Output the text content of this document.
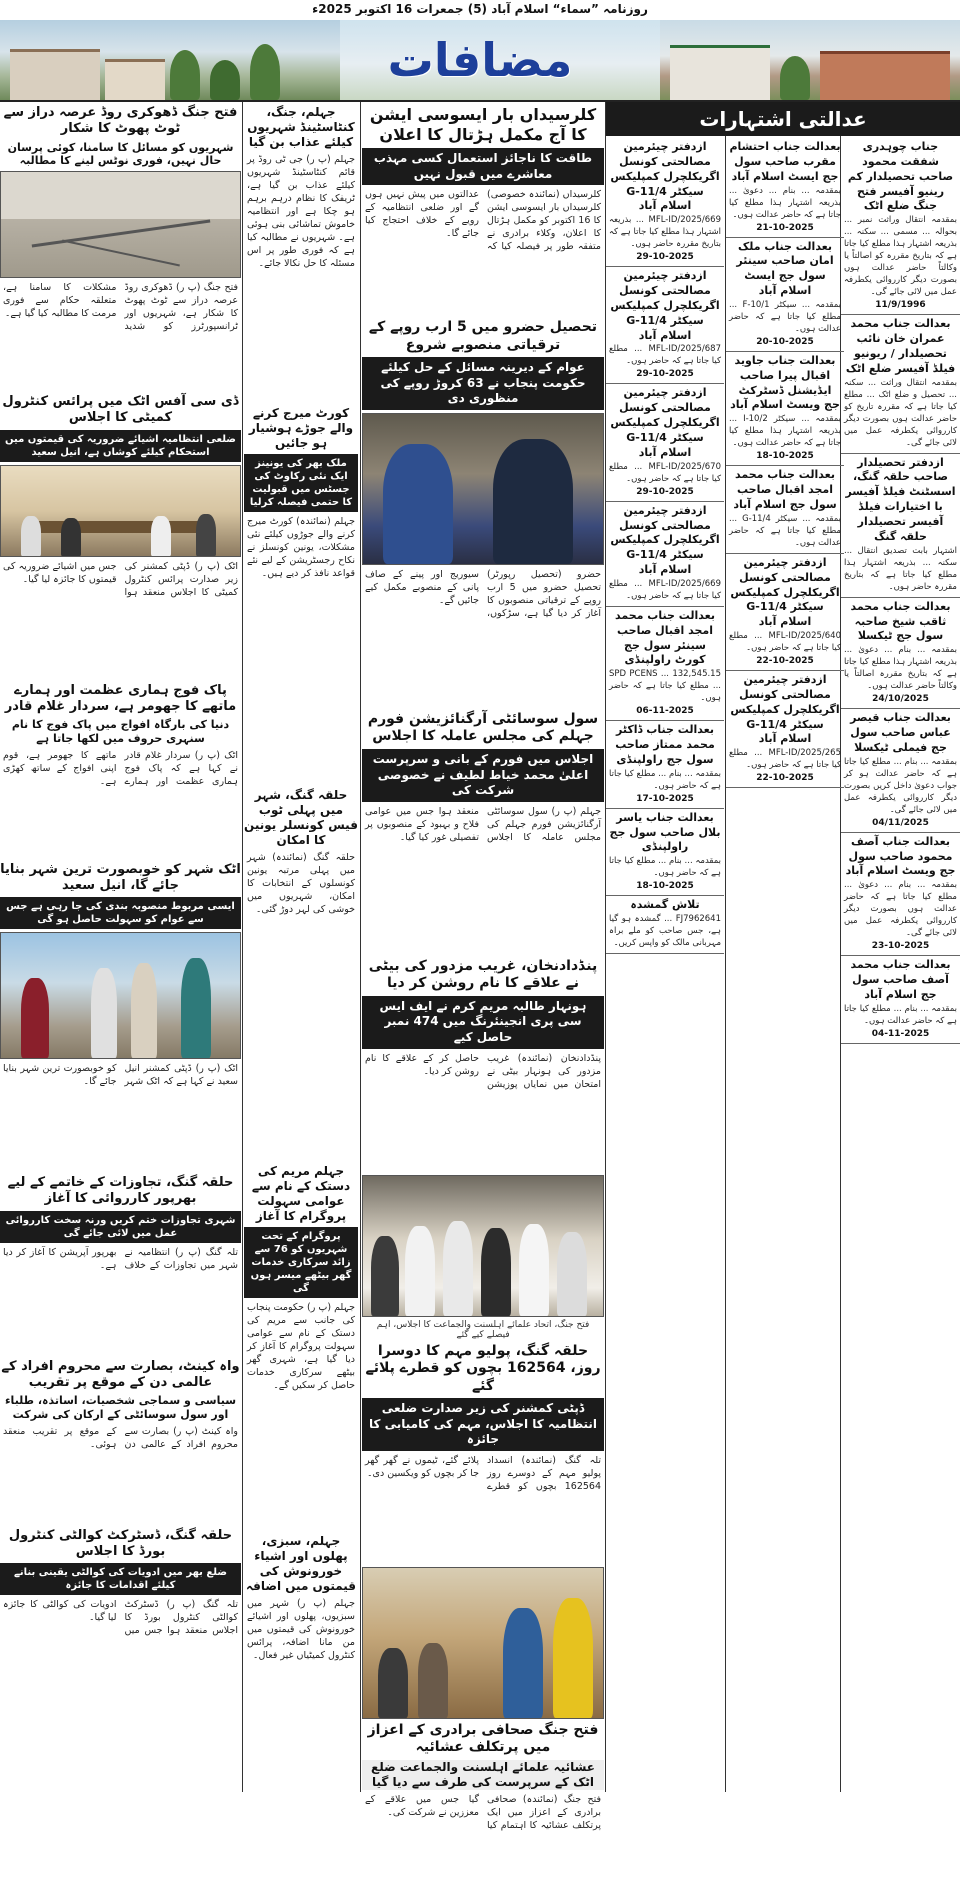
روزنامہ ”سماء“ اسلام آباد (5) جمعرات 16 اکتوبر 2025ء
مضافات
عدالتی اشتہارات
جناب چوہدری شفقت محمود صاحب تحصیلدار کم رینیو آفیسر فتح جنگ ضلع اٹک
بمقدمہ انتقال وراثت نمبر ... بحوالہ ... مسمی ... سکنہ ... بذریعہ اشتہار ہذا مطلع کیا جاتا ہے کہ بتاریخ مقررہ کو اصالتاً یا وکالتاً حاضر عدالت ہوں بصورت دیگر کارروائی یکطرفہ عمل میں لائی جائے گی۔
11/9/1996
بعدالت جناب محمد عمران خان نائب تحصیلدار / ریونیو فیلڈ آفیسر ضلع اٹک
بمقدمہ انتقال وراثت ... سکنہ ... تحصیل و ضلع اٹک ... مطلع کیا جاتا ہے کہ مقررہ تاریخ کو حاضر عدالت ہوں بصورت دیگر کارروائی یکطرفہ عمل میں لائی جائے گی۔
ازدفتر تحصیلدار صاحب حلقہ گنگ، اسسٹنٹ فیلڈ آفیسر با اختیارات فیلڈ آفیسر تحصیلدار حلقہ گنگ
اشتہار بابت تصدیق انتقال ... سکنہ ... بذریعہ اشتہار ہذا مطلع کیا جاتا ہے کہ بتاریخ مقررہ حاضر ہوں۔
بعدالت جناب محمد ثاقب شیخ صاحبہ سول جج ٹیکسلا
بمقدمہ ... بنام ... دعویٰ ... بذریعہ اشتہار ہذا مطلع کیا جاتا ہے کہ بتاریخ مقررہ اصالتاً یا وکالتاً حاضر عدالت ہوں۔
24/10/2025
بعدالت جناب قیصر عباس صاحب سول جج فیملی ٹیکسلا
بمقدمہ ... بنام ... مطلع کیا جاتا ہے کہ حاضر عدالت ہو کر جواب دعویٰ داخل کریں بصورت دیگر کارروائی یکطرفہ عمل میں لائی جائے گی۔
04/11/2025
بعدالت جناب آصف محمود صاحب سول جج ویسٹ اسلام آباد
بمقدمہ ... بنام ... دعویٰ ... مطلع کیا جاتا ہے کہ حاضر عدالت ہوں بصورت دیگر کارروائی یکطرفہ عمل میں لائی جائے گی۔
23-10-2025
بعدالت جناب محمد آصف صاحب سول جج اسلام آباد
بمقدمہ ... بنام ... مطلع کیا جاتا ہے کہ حاضر عدالت ہوں۔
04-11-2025
بعدالت جناب احتشام مقرب صاحب سول جج ایسٹ اسلام آباد
بمقدمہ ... بنام ... دعویٰ ... بذریعہ اشتہار ہذا مطلع کیا جاتا ہے کہ حاضر عدالت ہوں۔
21-10-2025
بعدالت جناب ملک امان صاحب سینئر سول جج ایسٹ اسلام آباد
بمقدمہ ... سیکٹر F-10/1 ... مطلع کیا جاتا ہے کہ حاضر عدالت ہوں۔
20-10-2025
بعدالت جناب جاوید اقبال پیرا صاحب ایڈیشنل ڈسٹرکٹ جج ویسٹ اسلام آباد
بمقدمہ ... سیکٹر I-10/2 ... بذریعہ اشتہار ہذا مطلع کیا جاتا ہے کہ حاضر عدالت ہوں۔
18-10-2025
بعدالت جناب محمد امجد اقبال صاحب سول جج اسلام آباد
بمقدمہ ... سیکٹر G-11/4 ... مطلع کیا جاتا ہے کہ حاضر عدالت ہوں۔
ازدفتر چیئرمین مصالحتی کونسل اگریکلچرل کمپلیکس سیکٹر G-11/4 اسلام آباد
MFL-ID/2025/640 ... مطلع کیا جاتا ہے کہ حاضر ہوں۔
22-10-2025
ازدفتر چیئرمین مصالحتی کونسل اگریکلچرل کمپلیکس سیکٹر G-11/4 اسلام آباد
MFL-ID/2025/265 ... مطلع کیا جاتا ہے کہ حاضر ہوں۔
22-10-2025
ازدفتر چیئرمین مصالحتی کونسل اگریکلچرل کمپلیکس سیکٹر G-11/4 اسلام آباد
MFL-ID/2025/669 ... بذریعہ اشتہار ہذا مطلع کیا جاتا ہے کہ بتاریخ مقررہ حاضر ہوں۔
29-10-2025
ازدفتر چیئرمین مصالحتی کونسل اگریکلچرل کمپلیکس سیکٹر G-11/4 اسلام آباد
MFL-ID/2025/687 ... مطلع کیا جاتا ہے کہ حاضر ہوں۔
29-10-2025
ازدفتر چیئرمین مصالحتی کونسل اگریکلچرل کمپلیکس سیکٹر G-11/4 اسلام آباد
MFL-ID/2025/670 ... مطلع کیا جاتا ہے کہ حاضر ہوں۔
29-10-2025
ازدفتر چیئرمین مصالحتی کونسل اگریکلچرل کمپلیکس سیکٹر G-11/4 اسلام آباد
MFL-ID/2025/669 ... مطلع کیا جاتا ہے کہ حاضر ہوں۔
بعدالت جناب محمد امجد اقبال صاحب سینئر سول جج کورٹ راولپنڈی
SPD PCENS ... 132,545.15 ... مطلع کیا جاتا ہے کہ حاضر ہوں۔
06-11-2025
بعدالت جناب ڈاکٹر محمد ممتاز صاحب سول جج راولپنڈی
بمقدمہ ... بنام ... مطلع کیا جاتا ہے کہ حاضر ہوں۔
17-10-2025
بعدالت جناب یاسر بلال صاحب سول جج راولپنڈی
بمقدمہ ... بنام ... مطلع کیا جاتا ہے کہ حاضر ہوں۔
18-10-2025
تلاش گمشدہ
FJ7962641 ... گمشدہ ہو گیا ہے، جس صاحب کو ملے براہ مہربانی مالک کو واپس کریں۔
کلرسیداں بار ایسوسی ایشن کا آج مکمل ہڑتال کا اعلان
طاقت کا ناجائز استعمال کسی مہذب معاشرے میں قبول نہیں
کلرسیداں (نمائندہ خصوصی) کلرسیداں بار ایسوسی ایشن کا 16 اکتوبر کو مکمل ہڑتال کا اعلان، وکلاء برادری نے متفقہ طور پر فیصلہ کیا کہ عدالتوں میں پیش نہیں ہوں گے اور ضلعی انتظامیہ کے رویے کے خلاف احتجاج کیا جائے گا۔
تحصیل حضرو میں 5 ارب روپے کے ترقیاتی منصوبے شروع
عوام کے دیرینہ مسائل کے حل کیلئے حکومت پنجاب نے 63 کروڑ روپے کی منظوری دی
حضرو (تحصیل رپورٹر) تحصیل حضرو میں 5 ارب روپے کے ترقیاتی منصوبوں کا آغاز کر دیا گیا ہے، سڑکوں، سیوریج اور پینے کے صاف پانی کے منصوبے مکمل کیے جائیں گے۔
سول سوسائٹی آرگنائزیشن فورم جہلم کی مجلس عاملہ کا اجلاس
اجلاس میں فورم کے بانی و سرپرست اعلیٰ محمد خیاط لطیف نے خصوصی شرکت کی
جہلم (پ ر) سول سوسائٹی آرگنائزیشن فورم جہلم کی مجلس عاملہ کا اجلاس منعقد ہوا جس میں عوامی فلاح و بہبود کے منصوبوں پر تفصیلی غور کیا گیا۔
پنڈدادنخان، غریب مزدور کی بیٹی نے علاقے کا نام روشن کر دیا
ہونہار طالبہ مریم کرم نے ایف ایس سی پری انجینئرنگ میں 474 نمبر حاصل کیے
پنڈدادنخان (نمائندہ) غریب مزدور کی ہونہار بیٹی نے امتحان میں نمایاں پوزیشن حاصل کر کے علاقے کا نام روشن کر دیا۔
فتح جنگ، اتحاد علمائے اہلسنت والجماعت کا اجلاس، اہم فیصلے کیے گئے
حلقہ گنگ، پولیو مہم کا دوسرا روز، 162564 بچوں کو قطرے پلائے گئے
ڈپٹی کمشنر کی زیر صدارت ضلعی انتظامیہ کا اجلاس، مہم کی کامیابی کا جائزہ
تلہ گنگ (نمائندہ) انسداد پولیو مہم کے دوسرے روز 162564 بچوں کو قطرے پلائے گئے، ٹیموں نے گھر گھر جا کر بچوں کو ویکسین دی۔
فتح جنگ صحافی برادری کے اعزاز میں پرتکلف عشائیہ
عشائیہ علمائے اہلسنت والجماعت ضلع اٹک کے سرپرست کی طرف سے دیا گیا
فتح جنگ (نمائندہ) صحافی برادری کے اعزاز میں ایک پرتکلف عشائیہ کا اہتمام کیا گیا جس میں علاقے کے معززین نے شرکت کی۔
جہلم، جنگ، کنٹاسٹینڈ شہریوں کیلئے عذاب بن گیا
جہلم (پ ر) جی ٹی روڈ پر قائم کنٹاسٹینڈ شہریوں کیلئے عذاب بن گیا ہے، ٹریفک کا نظام درہم برہم ہو چکا ہے اور انتظامیہ خاموش تماشائی بنی ہوئی ہے۔ شہریوں نے مطالبہ کیا ہے کہ فوری طور پر اس مسئلہ کا حل نکالا جائے۔
کورٹ میرج کرنے والے جوڑے ہوشیار ہو جائیں
ملک بھر کی یونینز ایک نئی رکاوٹ کی جسٹس میں قبولیت کا حتمی فیصلہ کرلیا
جہلم (نمائندہ) کورٹ میرج کرنے والے جوڑوں کیلئے نئی مشکلات، یونین کونسلز نے نکاح رجسٹریشن کے لیے نئے قواعد نافذ کر دیے ہیں۔
حلقہ گنگ، شہر میں پہلی ٹوب فیس کونسلر یونین کا امکان
حلقہ گنگ (نمائندہ) شہر میں پہلی مرتبہ یونین کونسلوں کے انتخابات کا امکان، شہریوں میں خوشی کی لہر دوڑ گئی۔
جہلم مریم کی دستک کے نام سے عوامی سہولت پروگرام کا آغاز
پروگرام کے تحت شہریوں کو 76 سے زائد سرکاری خدمات گھر بیٹھے میسر ہوں گی
جہلم (پ ر) حکومت پنجاب کی جانب سے مریم کی دستک کے نام سے عوامی سہولت پروگرام کا آغاز کر دیا گیا ہے، شہری گھر بیٹھے سرکاری خدمات حاصل کر سکیں گے۔
جہلم، سبزی، پھلوں اور اشیاء خورونوش کی قیمتوں میں اضافہ
جہلم (پ ر) شہر میں سبزیوں، پھلوں اور اشیائے خورونوش کی قیمتوں میں من مانا اضافہ، پرائس کنٹرول کمیٹیاں غیر فعال۔
فتح جنگ ڈھوکری روڈ عرصہ دراز سے ٹوٹ پھوٹ کا شکار
شہریوں کو مسائل کا سامنا، کوئی پرسان حال نہیں، فوری نوٹس لینے کا مطالبہ
فتح جنگ (پ ر) ڈھوکری روڈ عرصہ دراز سے ٹوٹ پھوٹ کا شکار ہے، شہریوں اور ٹرانسپورٹرز کو شدید مشکلات کا سامنا ہے، متعلقہ حکام سے فوری مرمت کا مطالبہ کیا گیا ہے۔
ڈی سی آفس اٹک میں پرائس کنٹرول کمیٹی کا اجلاس
ضلعی انتظامیہ اشیائے ضروریہ کی قیمتوں میں استحکام کیلئے کوشاں ہے، انیل سعید
اٹک (پ ر) ڈپٹی کمشنر کی زیر صدارت پرائس کنٹرول کمیٹی کا اجلاس منعقد ہوا جس میں اشیائے ضروریہ کی قیمتوں کا جائزہ لیا گیا۔
پاک فوج ہماری عظمت اور ہمارے ماتھے کا جھومر ہے، سردار غلام قادر
دنیا کی بارگاہ افواج میں پاک فوج کا نام سنہری حروف میں لکھا جاتا ہے
اٹک (پ ر) سردار غلام قادر نے کہا ہے کہ پاک فوج ہماری عظمت اور ہمارے ماتھے کا جھومر ہے، قوم اپنی افواج کے ساتھ کھڑی ہے۔
اٹک شہر کو خوبصورت ترین شہر بنایا جائے گا، انیل سعید
ایسی مربوط منصوبہ بندی کی جا رہی ہے جس سے عوام کو سہولت حاصل ہو گی
اٹک (پ ر) ڈپٹی کمشنر انیل سعید نے کہا ہے کہ اٹک شہر کو خوبصورت ترین شہر بنایا جائے گا۔
حلقہ گنگ، تجاوزات کے خاتمے کے لیے بھرپور کارروائی کا آغاز
شہری تجاوزات ختم کریں ورنہ سخت کارروائی عمل میں لائی جائے گی
تلہ گنگ (پ ر) انتظامیہ نے شہر میں تجاوزات کے خلاف بھرپور آپریشن کا آغاز کر دیا ہے۔
واہ کینٹ، بصارت سے محروم افراد کے عالمی دن کے موقع پر تقریب
سیاسی و سماجی شخصیات، اساتذہ، طلباء اور سول سوسائٹی کے ارکان کی شرکت
واہ کینٹ (پ ر) بصارت سے محروم افراد کے عالمی دن کے موقع پر تقریب منعقد ہوئی۔
حلقہ گنگ، ڈسٹرکٹ کوالٹی کنٹرول بورڈ کا اجلاس
ضلع بھر میں ادویات کی کوالٹی یقینی بنانے کیلئے اقدامات کا جائزہ
تلہ گنگ (پ ر) ڈسٹرکٹ کوالٹی کنٹرول بورڈ کا اجلاس منعقد ہوا جس میں ادویات کی کوالٹی کا جائزہ لیا گیا۔
